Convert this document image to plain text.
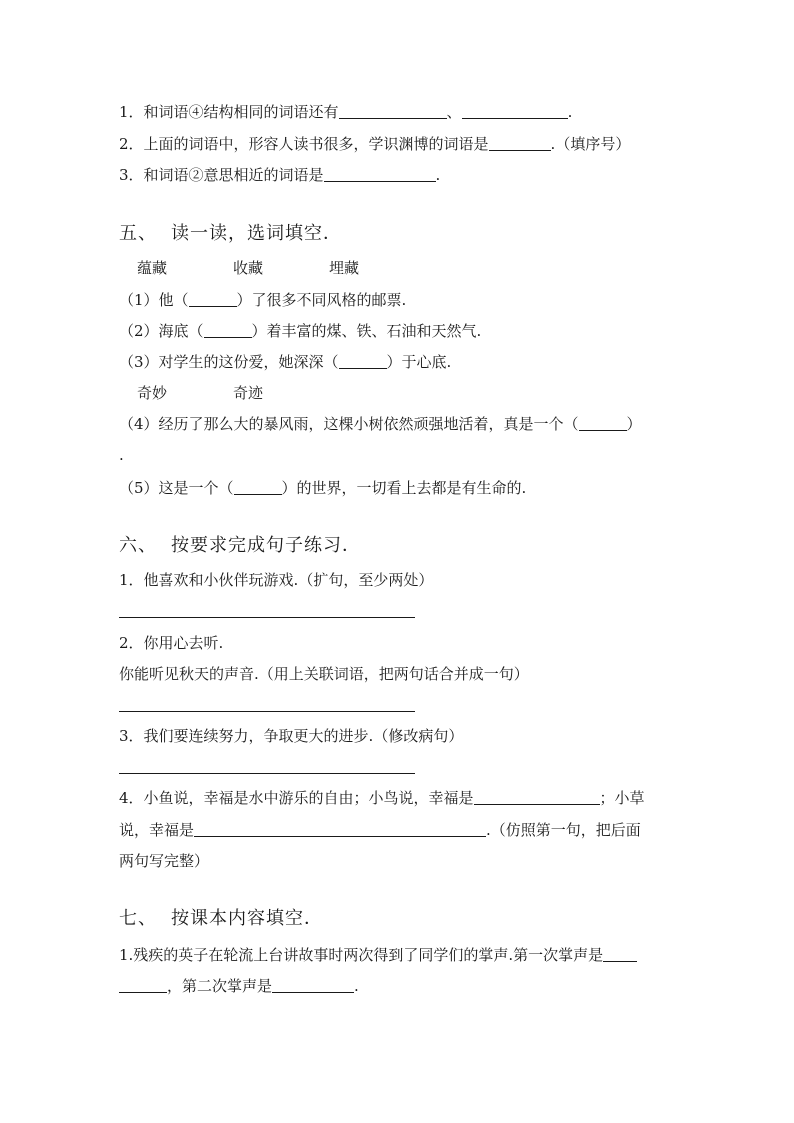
1．和词语④结构相同的词语还有	、	.
2．上面的词语中，形容人读书很多，学识渊博的词语是	.（填序号）
3．和词语②意思相近的词语是	.
五、 读一读，选词填空．
蕴藏	收藏	埋藏
（1）他（	）了很多不同风格的邮票.
（2）海底（	）着丰富的煤、铁、石油和天然气.
（3）对学生的这份爱，她深深（	）于心底.
奇妙	奇迹
（4）经历了那么大的暴风雨，这棵小树依然顽强地活着，真是一个（	）
.
（5）这是一个（	）的世界，一切看上去都是有生命的.
六、 按要求完成句子练习．
1．他喜欢和小伙伴玩游戏.（扩句，至少两处）
2．你用心去听.
你能听见秋天的声音.（用上关联词语，把两句话合并成一句）
3．我们要连续努力，争取更大的进步.（修改病句）
4．小鱼说，幸福是水中游乐的自由；小鸟说，幸福是	；小草
说，幸福是	.（仿照第一句，把后面
两句写完整）
七、 按课本内容填空．
1.残疾的英子在轮流上台讲故事时两次得到了同学们的掌声.第一次掌声是
，第二次掌声是	.
